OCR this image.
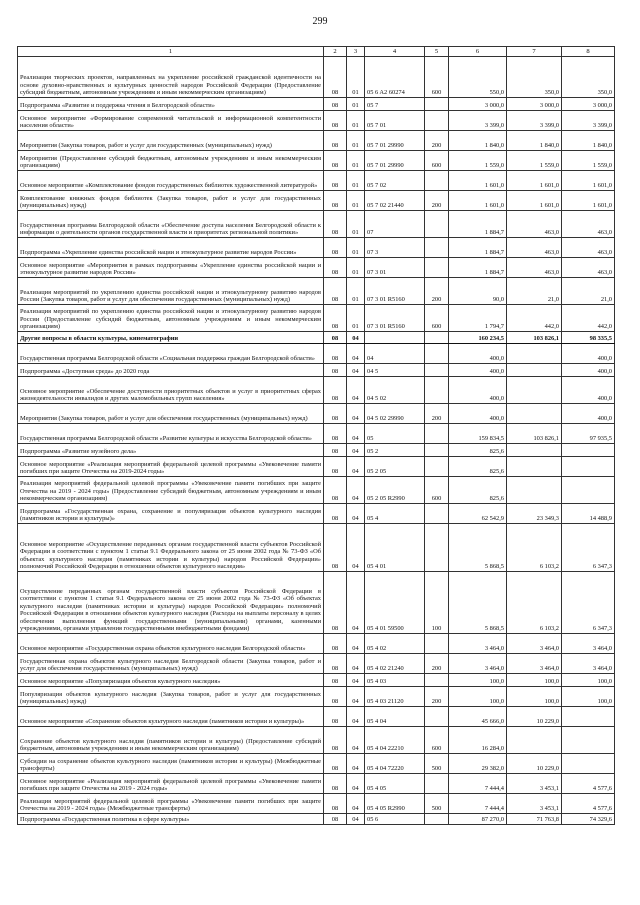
299
1	2	3	4	5	6	7	8
Реализация творческих проектов, направленных на укрепление российской гражданской идентичности на основе духовно-нравственных и культурных ценностей народов Российской Федерации (Предоставление субсидий бюджетным, автономным учреждениям и иным некоммерческим организациям)	08	01	05 6 A2 60274	600	550,0	350,0	350,0
Подпрограмма «Развитие и поддержка чтения в Белгородской области»	08	01	05 7		3 000,0	3 000,0	3 000,0
Основное мероприятие «Формирование современной читательской и информационной компетентности населения области»	08	01	05 7 01		3 399,0	3 399,0	3 399,0
Мероприятия (Закупка товаров, работ и услуг для государственных (муниципальных) нужд)	08	01	05 7 01 29990	200	1 840,0	1 840,0	1 840,0
Мероприятия (Предоставление субсидий бюджетным, автономным учреждениям и иным некоммерческим организациям)	08	01	05 7 01 29990	600	1 559,0	1 559,0	1 559,0
Основное мероприятие «Комплектование фондов государственных библиотек художественной литературой»	08	01	05 7 02		1 601,0	1 601,0	1 601,0
Комплектование книжных фондов библиотек (Закупка товаров, работ и услуг для государственных (муниципальных) нужд)	08	01	05 7 02 21440	200	1 601,0	1 601,0	1 601,0
Государственная программа Белгородской области «Обеспечение доступа населения Белгородской области к информации о деятельности органов государственной власти и приоритетах региональной политики»	08	01	07		1 884,7	463,0	463,0
Подпрограмма «Укрепление единства российской нации и этнокультурное развитие народов России»	08	01	07 3		1 884,7	463,0	463,0
Основное мероприятие «Мероприятия в рамках подпрограммы «Укрепление единства российской нации и этнокультурное развитие народов России»	08	01	07 3 01		1 884,7	463,0	463,0
Реализация мероприятий по укреплению единства российской нации и этнокультурному развитию народов России (Закупка товаров, работ и услуг для обеспечения государственных (муниципальных) нужд)	08	01	07 3 01 R5160	200	90,0	21,0	21,0
Реализация мероприятий по укреплению единства российской нации и этнокультурному развитию народов России (Предоставление субсидий бюджетным, автономным учреждениям и иным некоммерческим организациям)	08	01	07 3 01 R5160	600	1 794,7	442,0	442,0
Другие вопросы в области культуры, кинематографии	08	04			160 234,5	103 826,1	98 335,5
Государственная программа Белгородской области «Социальная поддержка граждан Белгородской области»	08	04	04		400,0		400,0
Подпрограмма «Доступная среда» до 2020 года	08	04	04 5		400,0		400,0
Основное мероприятие «Обеспечение доступности приоритетных объектов и услуг в приоритетных сферах жизнедеятельности инвалидов и других маломобильных групп населения»	08	04	04 5 02		400,0		400,0
Мероприятия (Закупка товаров, работ и услуг для обеспечения государственных (муниципальных) нужд)	08	04	04 5 02 29990	200	400,0		400,0
Государственная программа Белгородской области «Развитие культуры и искусства Белгородской области»	08	04	05		159 834,5	103 826,1	97 935,5
Подпрограмма «Развитие музейного дела»	08	04	05 2		825,6		
Основное мероприятие «Реализация мероприятий федеральной целевой программы «Увековечение памяти погибших при защите Отечества на 2019-2024 годы»	08	04	05 2 05		825,6		
Реализация мероприятий федеральной целевой программы «Увековечение памяти погибших при защите Отечества на 2019 - 2024 годы» (Предоставление субсидий бюджетным, автономным учреждениям и иным некоммерческим организациям)	08	04	05 2 05 R2990	600	825,6		
Подпрограмма «Государственная охрана, сохранение и популяризация объектов культурного наследия (памятников истории и культуры)»	08	04	05 4		62 542,9	23 349,3	14 488,9
Основное мероприятие «Осуществление переданных органам государственной власти субъектов Российской Федерации в соответствии с пунктом 1 статьи 9.1 Федерального закона от 25 июня 2002 года № 73-ФЗ «Об объектах культурного наследия (памятниках истории и культуры) народов Российской Федерации» полномочий Российской Федерации в отношении объектов культурного наследия»	08	04	05 4 01		5 868,5	6 103,2	6 347,3
Осуществление переданных органам государственной власти субъектов Российской Федерации в соответствии с пунктом 1 статьи 9.1 Федерального закона от 25 июня 2002 года № 73-ФЗ «Об объектах культурного наследия (памятниках истории и культуры) народов Российской Федерации» полномочий Российской Федерации в отношении объектов культурного наследия (Расходы на выплаты персоналу в целях обеспечения выполнения функций государственными (муниципальными) органами, казенными учреждениями, органами управления государственными внебюджетными фондами)	08	04	05 4 01 59500	100	5 868,5	6 103,2	6 347,3
Основное мероприятие «Государственная охрана объектов культурного наследия Белгородской области»	08	04	05 4 02		3 464,0	3 464,0	3 464,0
Государственная охрана объектов культурного наследия Белгородской области (Закупка товаров, работ и услуг для обеспечения государственных (муниципальных) нужд)	08	04	05 4 02 21240	200	3 464,0	3 464,0	3 464,0
Основное мероприятие «Популяризация объектов культурного наследия»	08	04	05 4 03		100,0	100,0	100,0
Популяризация объектов культурного наследия (Закупка товаров, работ и услуг для государственных (муниципальных) нужд)	08	04	05 4 03 21120	200	100,0	100,0	100,0
Основное мероприятие «Сохранение объектов культурного наследия (памятников истории и культуры)»	08	04	05 4 04		45 666,0	10 229,0	
Сохранение объектов культурного наследия (памятников истории и культуры) (Предоставление субсидий бюджетным, автономным учреждениям и иным некоммерческим организациям)	08	04	05 4 04 22210	600	16 284,0		
Субсидии на сохранение объектов культурного наследия (памятников истории и культуры) (Межбюджетные трансферты)	08	04	05 4 04 72220	500	29 382,0	10 229,0	
Основное мероприятие «Реализация мероприятий федеральной целевой программы «Увековечение памяти погибших при защите Отечества на 2019 - 2024 годы»	08	04	05 4 05		7 444,4	3 453,1	4 577,6
Реализация мероприятий федеральной целевой программы «Увековечение памяти погибших при защите Отечества на 2019 - 2024 годы» (Межбюджетные трансферты)	08	04	05 4 05 R2990	500	7 444,4	3 453,1	4 577,6
Подпрограмма «Государственная политика в сфере культуры»	08	04	05 6		87 270,0	71 763,8	74 329,6
